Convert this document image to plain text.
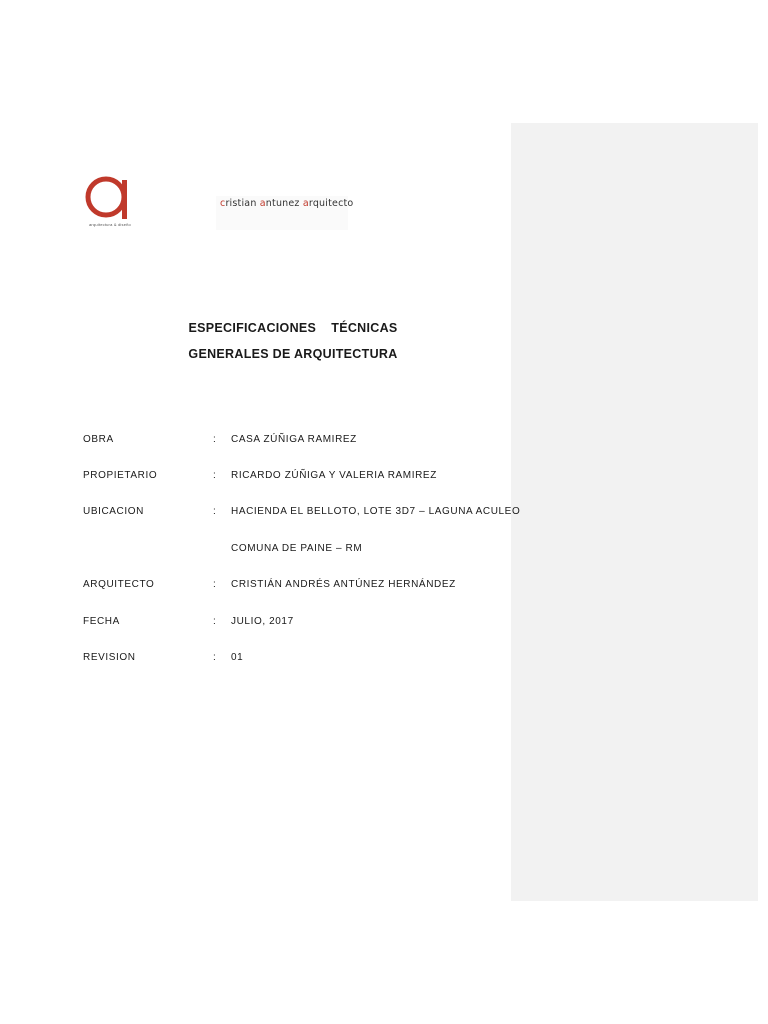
arquitectura & diseño
cristian antunez arquitecto
ESPECIFICACIONES    TÉCNICAS
GENERALES DE ARQUITECTURA
OBRA	: CASA ZÚÑIGA RAMIREZ
PROPIETARIO	: RICARDO ZÚÑIGA Y VALERIA RAMIREZ
UBICACION	: HACIENDA EL BELLOTO, LOTE 3D7 – LAGUNA ACULEO
COMUNA DE PAINE – RM
ARQUITECTO	: CRISTIÁN ANDRÉS ANTÚNEZ HERNÁNDEZ
FECHA	: JULIO, 2017
REVISION	: 01
